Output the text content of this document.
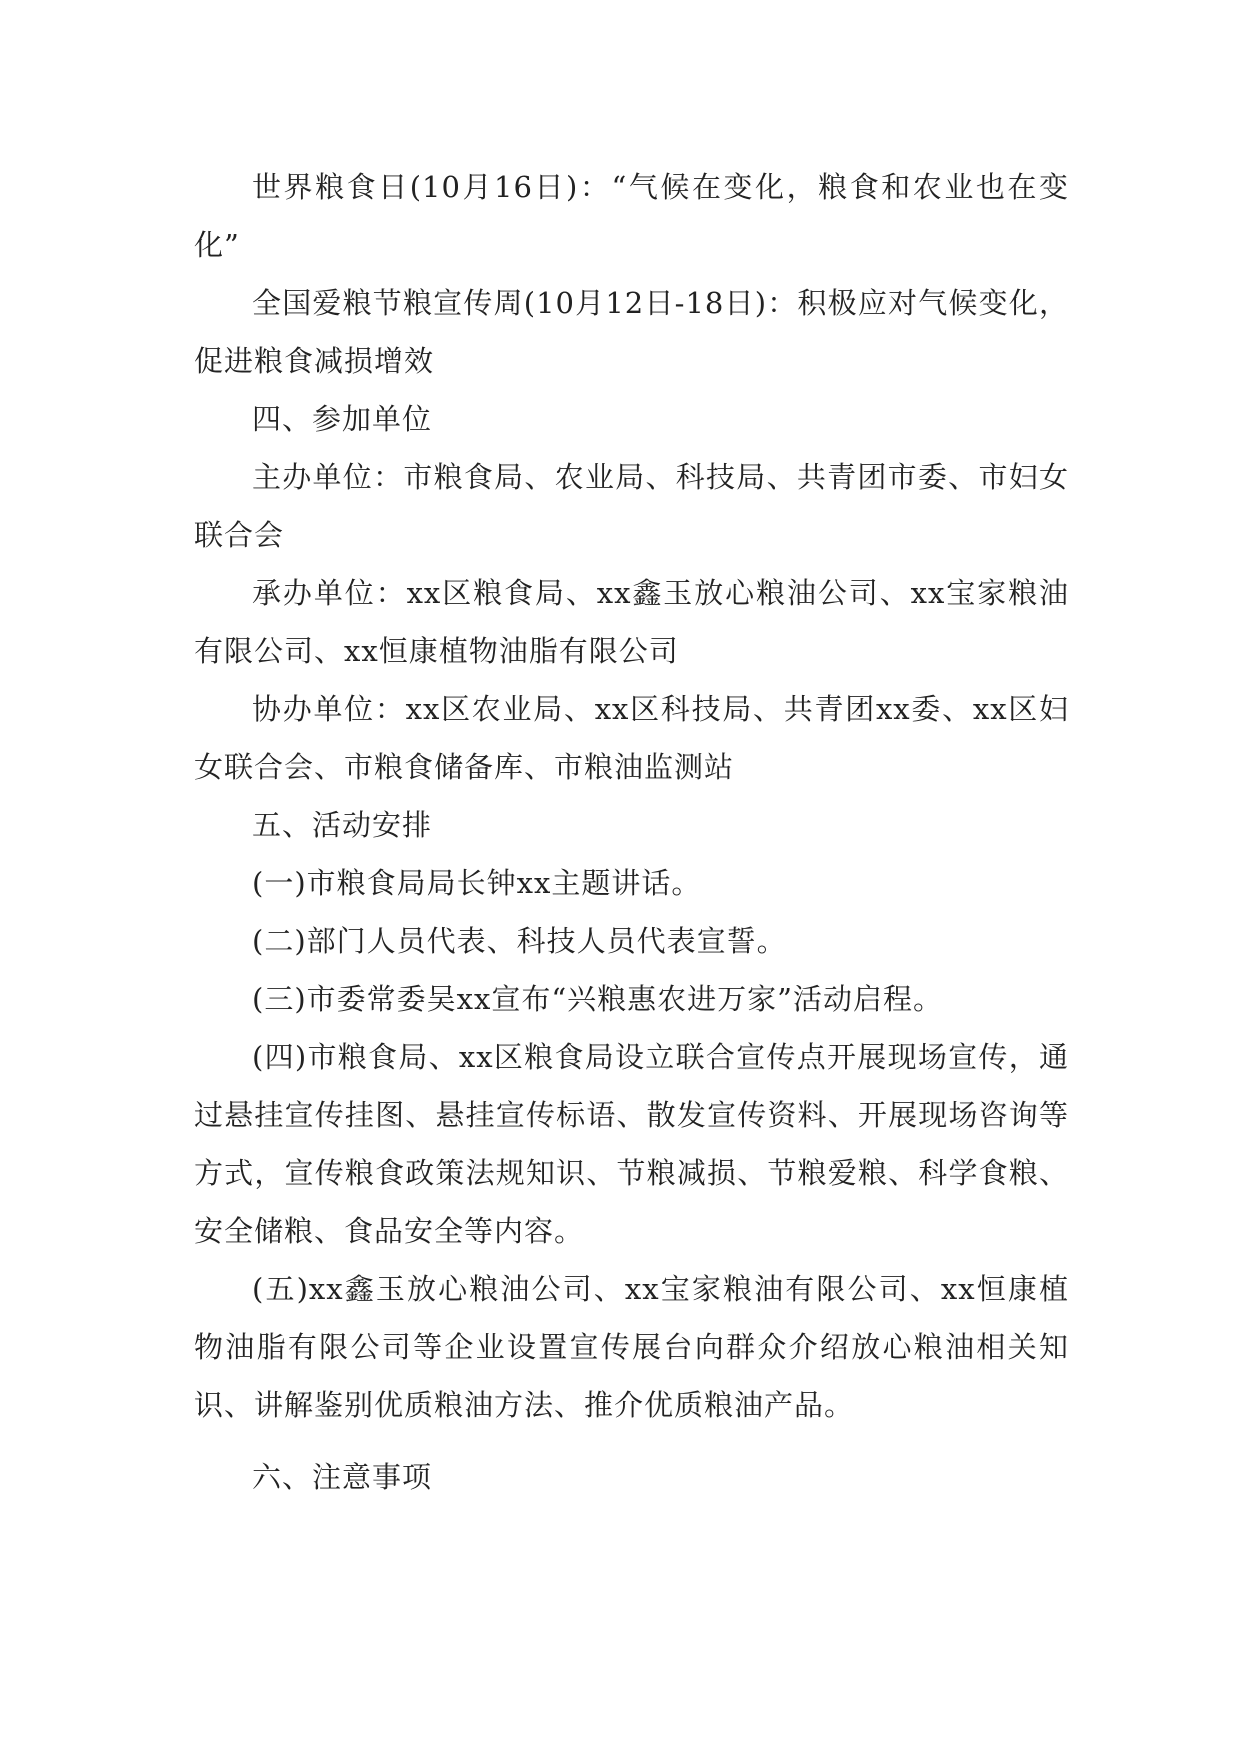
世界粮食日(10月16日)：“气候在变化，粮食和农业也在变化”

全国爱粮节粮宣传周(10月12日-18日)：积极应对气候变化，促进粮食减损增效

四、参加单位

主办单位：市粮食局、农业局、科技局、共青团市委、市妇女联合会

承办单位：xx区粮食局、xx鑫玉放心粮油公司、xx宝家粮油有限公司、xx恒康植物油脂有限公司

协办单位：xx区农业局、xx区科技局、共青团xx委、xx区妇女联合会、市粮食储备库、市粮油监测站

五、活动安排

(一)市粮食局局长钟xx主题讲话。

(二)部门人员代表、科技人员代表宣誓。

(三)市委常委吴xx宣布“兴粮惠农进万家”活动启程。

(四)市粮食局、xx区粮食局设立联合宣传点开展现场宣传，通过悬挂宣传挂图、悬挂宣传标语、散发宣传资料、开展现场咨询等方式，宣传粮食政策法规知识、节粮减损、节粮爱粮、科学食粮、安全储粮、食品安全等内容。

(五)xx鑫玉放心粮油公司、xx宝家粮油有限公司、xx恒康植物油脂有限公司等企业设置宣传展台向群众介绍放心粮油相关知识、讲解鉴别优质粮油方法、推介优质粮油产品。

六、注意事项
